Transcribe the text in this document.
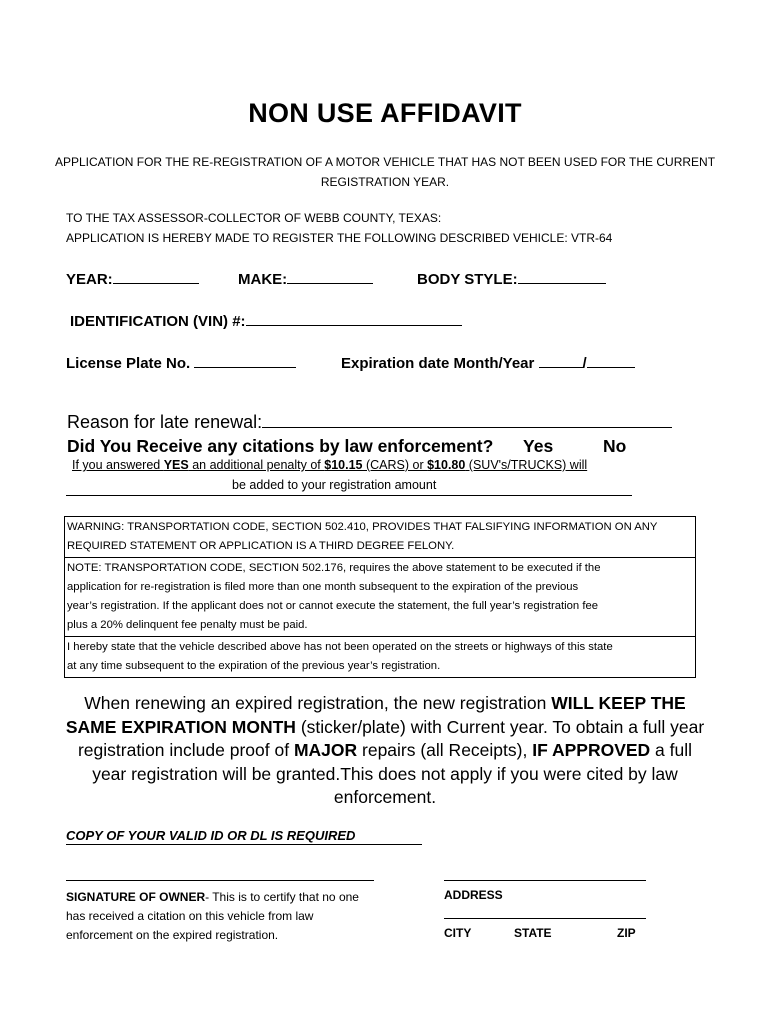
NON USE AFFIDAVIT
APPLICATION FOR THE RE-REGISTRATION OF A MOTOR VEHICLE THAT HAS NOT BEEN USED FOR THE CURRENT
REGISTRATION YEAR.
TO THE TAX ASSESSOR-COLLECTOR OF WEBB COUNTY, TEXAS:
APPLICATION IS HEREBY MADE TO REGISTER THE FOLLOWING DESCRIBED VEHICLE: VTR-64
YEAR:	MAKE:	BODY STYLE:
IDENTIFICATION (VIN) #:
License Plate No.	Expiration date Month/Year	/
Reason for late renewal:
Did You Receive any citations by law enforcement? Yes	No
If you answered YES an additional penalty of $10.15 (CARS) or $10.80 (SUV's/TRUCKS) will
be added to your registration amount
WARNING: TRANSPORTATION CODE, SECTION 502.410, PROVIDES THAT FALSIFYING INFORMATION ON ANY
REQUIRED STATEMENT OR APPLICATION IS A THIRD DEGREE FELONY.
NOTE: TRANSPORTATION CODE, SECTION 502.176, requires the above statement to be executed if the
application for re-registration is filed more than one month subsequent to the expiration of the previous
year’s registration. If the applicant does not or cannot execute the statement, the full year’s registration fee
plus a 20% delinquent fee penalty must be paid.
I hereby state that the vehicle described above has not been operated on the streets or highways of this state
at any time subsequent to the expiration of the previous year’s registration.
When renewing an expired registration, the new registration WILL KEEP THE SAME EXPIRATION MONTH (sticker/plate) with Current year. To obtain a full year registration include proof of MAJOR repairs (all Receipts), IF APPROVED a full year registration will be granted.This does not apply if you were cited by law enforcement.
COPY OF YOUR VALID ID OR DL IS REQUIRED
SIGNATURE OF OWNER- This is to certify that no one
has received a citation on this vehicle from law
enforcement on the expired registration.
ADDRESS
CITY	STATE	ZIP
